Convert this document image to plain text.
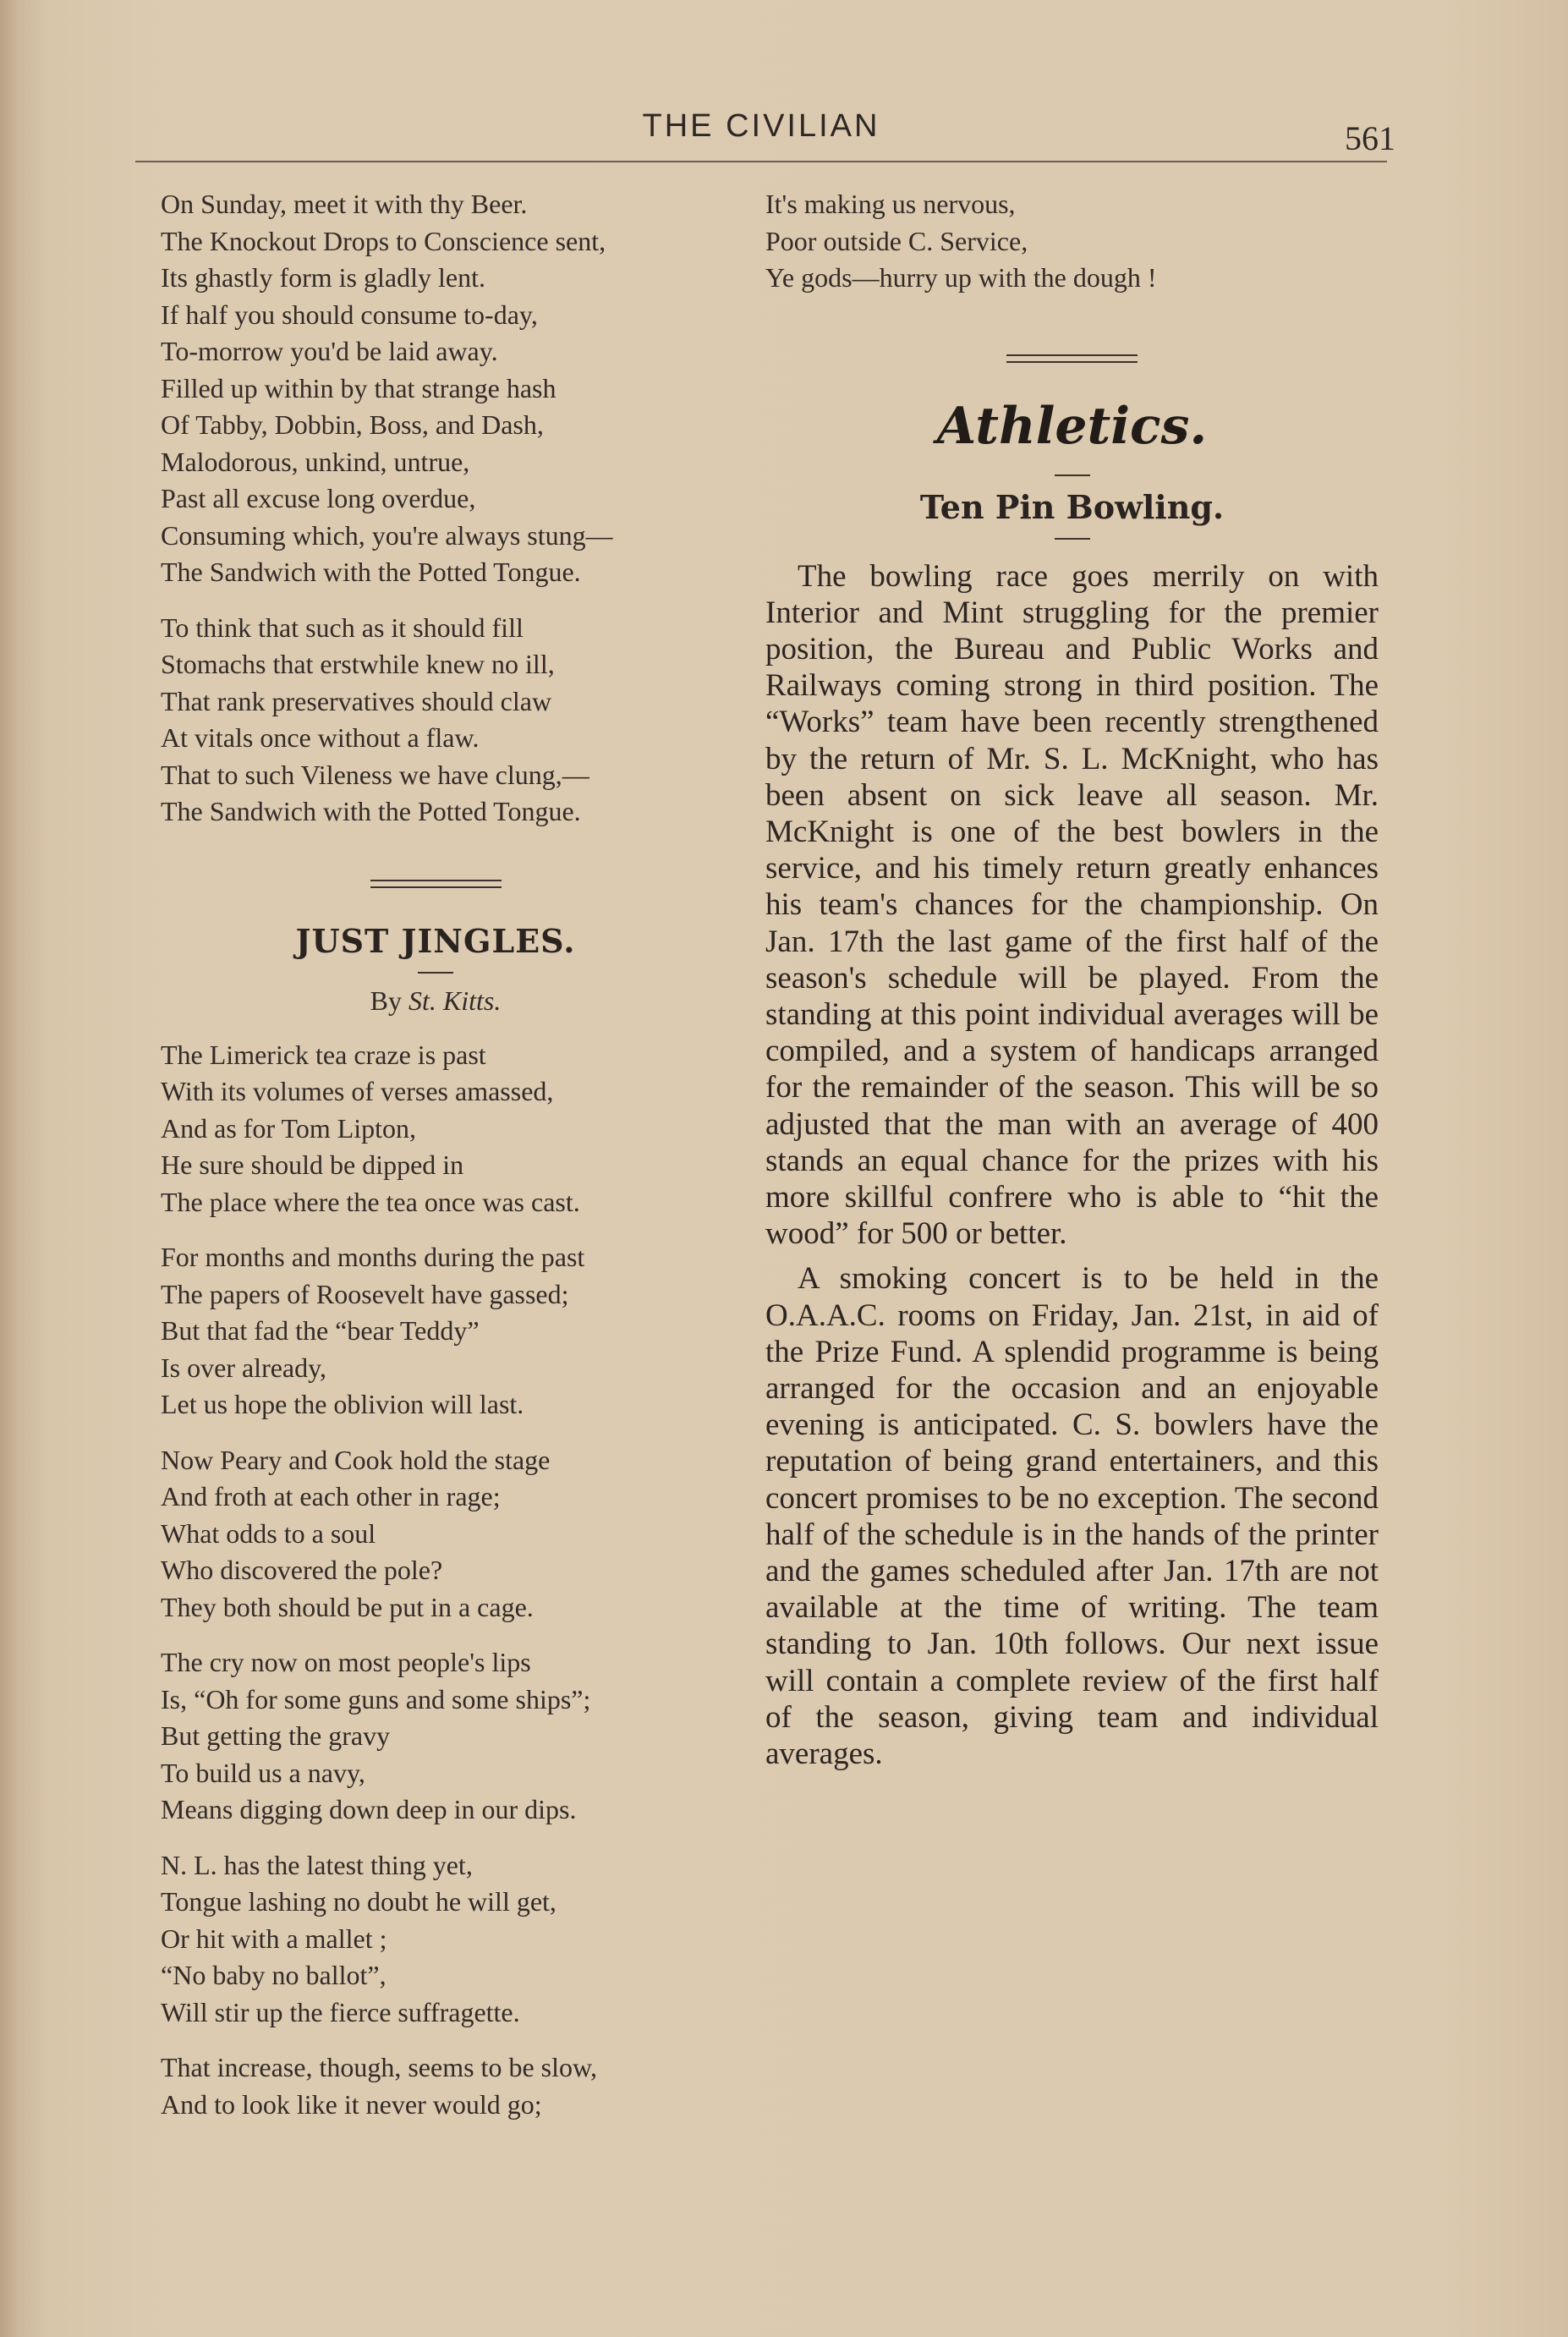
THE CIVILIAN	561
On Sunday, meet it with thy Beer.
The Knockout Drops to Conscience sent,
Its ghastly form is gladly lent.
If half you should consume to-day,
To-morrow you'd be laid away.
Filled up within by that strange hash
Of Tabby, Dobbin, Boss, and Dash,
Malodorous, unkind, untrue,
Past all excuse long overdue,
Consuming which, you're always stung—
The Sandwich with the Potted Tongue.
To think that such as it should fill
Stomachs that erstwhile knew no ill,
That rank preservatives should claw
At vitals once without a flaw.
That to such Vileness we have clung,—
The Sandwich with the Potted Tongue.
JUST JINGLES.
By St. Kitts.
The Limerick tea craze is past
With its volumes of verses amassed,
And as for Tom Lipton,
He sure should be dipped in
The place where the tea once was cast.
For months and months during the past
The papers of Roosevelt have gassed;
But that fad the “bear Teddy”
Is over already,
Let us hope the oblivion will last.
Now Peary and Cook hold the stage
And froth at each other in rage;
What odds to a soul
Who discovered the pole?
They both should be put in a cage.
The cry now on most people's lips
Is, “Oh for some guns and some ships”;
But getting the gravy
To build us a navy,
Means digging down deep in our dips.
N. L. has the latest thing yet,
Tongue lashing no doubt he will get,
Or hit with a mallet ;
“No baby no ballot”,
Will stir up the fierce suffragette.
That increase, though, seems to be slow,
And to look like it never would go;
It's making us nervous,
Poor outside C. Service,
Ye gods—hurry up with the dough !
Athletics.
Ten Pin Bowling.

The bowling race goes merrily on with Interior and Mint struggling for the premier position, the Bureau and Public Works and Railways coming strong in third position. The “Works” team have been recently strengthened by the return of Mr. S. L. McKnight, who has been absent on sick leave all season. Mr. McKnight is one of the best bowlers in the service, and his timely return greatly enhances his team's chances for the championship. On Jan. 17th the last game of the first half of the season's schedule will be played. From the standing at this point individual averages will be compiled, and a system of handicaps arranged for the remainder of the season. This will be so adjusted that the man with an average of 400 stands an equal chance for the prizes with his more skillful confrere who is able to “hit the wood” for 500 or better.

A smoking concert is to be held in the O.A.A.C. rooms on Friday, Jan. 21st, in aid of the Prize Fund. A splendid programme is being arranged for the occasion and an enjoyable evening is anticipated. C. S. bowlers have the reputation of being grand entertainers, and this concert promises to be no exception. The second half of the schedule is in the hands of the printer and the games scheduled after Jan. 17th are not available at the time of writing. The team standing to Jan. 10th follows. Our next issue will contain a complete review of the first half of the season, giving team and individual averages.
